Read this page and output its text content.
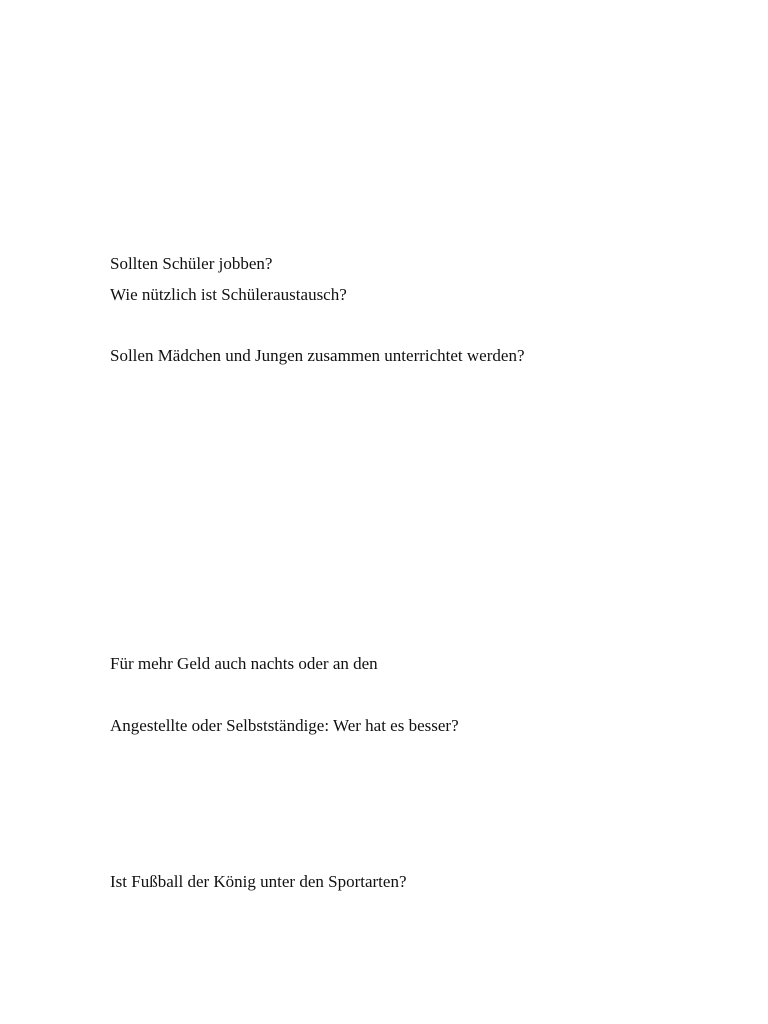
Sollten Schüler jobben?

Wie nützlich ist Schüleraustausch?

Sollen Mädchen und Jungen zusammen unterrichtet werden?

Für mehr Geld auch nachts oder an den

Angestellte oder Selbstständige: Wer hat es besser?

Ist Fußball der König unter den Sportarten?
